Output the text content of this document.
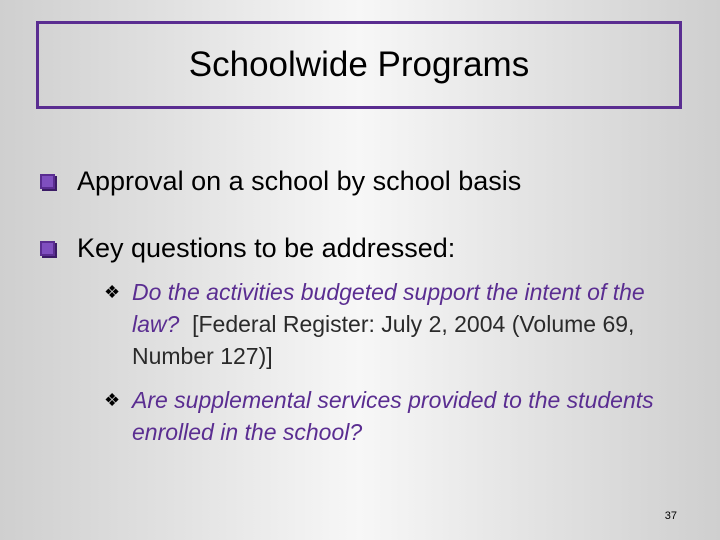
Schoolwide Programs
Approval on a school by school basis
Key questions to be addressed:
❖ Do the activities budgeted support the intent of the law?  [Federal Register: July 2, 2004 (Volume 69, Number 127)]
❖ Are supplemental services provided to the students enrolled in the school?
37
